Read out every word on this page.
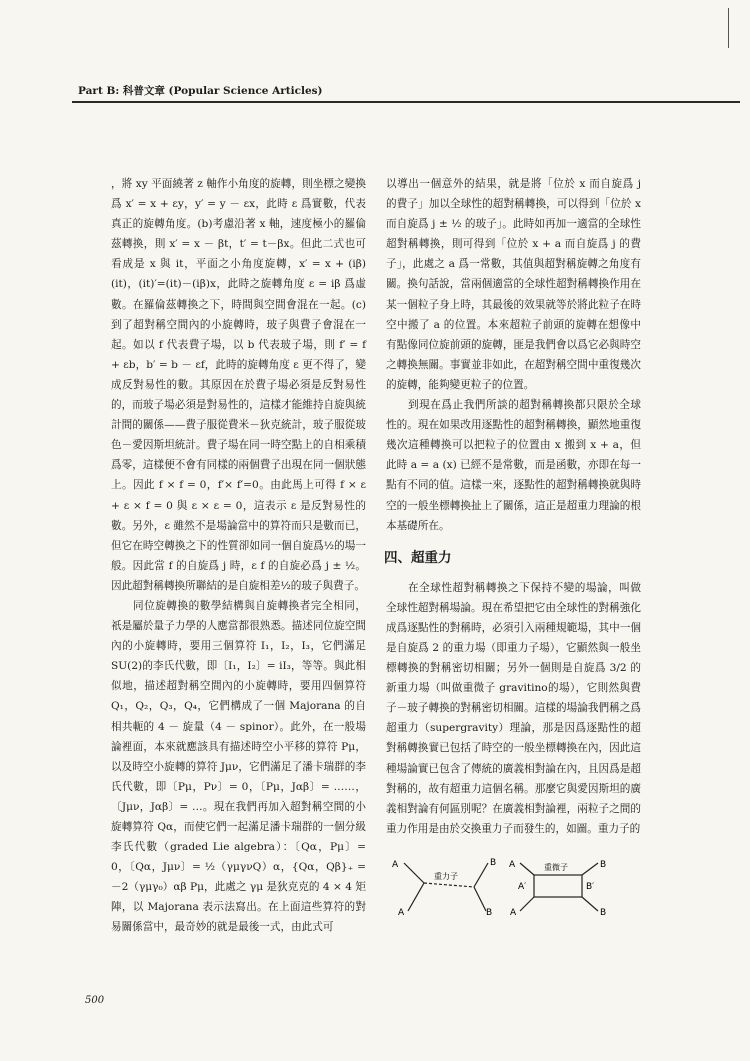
Part B: 科普文章 (Popular Science Articles)

，將 xy 平面繞著 z 軸作小角度的旋轉，則坐標之變換爲 x′ = x + εy，y′ = y － εx，此時 ε 爲實數，代表真正的旋轉角度。(b)考慮沿著 x 軸，速度極小的羅倫茲轉換，則 x′ = x － βt，t′ = t－βx。但此二式也可看成是 x 與 it，平面之小角度旋轉，x′ = x + (iβ)(it)，(it)′=(it)－(iβ)x，此時之旋轉角度 ε = iβ 爲虛數。在羅倫茲轉換之下，時間與空間會混在一起。(c)到了超對稱空間內的小旋轉時，玻子與費子會混在一起。如以 f 代表費子場，以 b 代表玻子場，則 f′ = f + εb，b′ = b － εf，此時的旋轉角度 ε 更不得了，變成反對易性的數。其原因在於費子場必須是反對易性的，而玻子場必須是對易性的，這樣才能維持自旋與統計間的關係——費子服從費米－狄克統計，玻子服從玻色－愛因斯坦統計。費子場在同一時空點上的自相乘積爲零，這樣便不會有同樣的兩個費子出現在同一個狀態上。因此 f × f = 0，f′× f′=0。由此馬上可得 f × ε + ε × f = 0 與 ε × ε = 0，這表示 ε 是反對易性的數。另外，ε 雖然不是場論當中的算符而只是數而已，但它在時空轉換之下的性質卻如同一個自旋爲½的場一般。因此當 f 的自旋爲 j 時，ε f 的自旋必爲 j ± ½。因此超對稱轉換所聯結的是自旋相差½的玻子與費子。

同位旋轉換的數學結構與自旋轉換者完全相同，祇是屬於量子力學的人應當都很熟悉。描述同位旋空間內的小旋轉時，要用三個算符 I₁，I₂，I₃，它們滿足 SU(2)的李氏代數，即〔I₁，I₂〕= iI₃，等等。與此相似地，描述超對稱空間內的小旋轉時，要用四個算符 Q₁，Q₂，Q₃，Q₄，它們構成了一個 Majorana 的自相共軛的 4 － 旋量（4 － spinor）。此外，在一般場論裡面，本來就應該具有描述時空小平移的算符 Pμ，以及時空小旋轉的算符 Jμν，它們滿足了潘卡瑞群的李氏代數，即〔Pμ，Pν〕= 0，〔Pμ，Jαβ〕= ……，〔Jμν，Jαβ〕= …。現在我們再加入超對稱空間的小旋轉算符 Qα，而使它們一起滿足潘卡瑞群的一個分級李氏代數（graded Lie algebra）：〔Qα，Pμ〕= 0，〔Qα，Jμν〕= ½（γμγνQ）α，{Qα，Qβ}₊ = －2（γμγ₀）αβ Pμ，此處之 γμ 是狄克克的 4 × 4 矩陣，以 Majorana 表示法寫出。在上面這些算符的對易關係當中，最奇妙的就是最後一式，由此式可

以導出一個意外的結果，就是將「位於 x 而自旋爲 j 的費子」加以全球性的超對稱轉換，可以得到「位於 x 而自旋爲 j ± ½ 的玻子」。此時如再加一適當的全球性超對稱轉換，則可得到「位於 x + a 而自旋爲 j 的費子」，此處之 a 爲一常數，其值與超對稱旋轉之角度有關。換句話說，當兩個適當的全球性超對稱轉換作用在某一個粒子身上時，其最後的效果就等於將此粒子在時空中搬了 a 的位置。本來超粒子前頭的旋轉在想像中有點像同位旋前頭的旋轉，匪是我們會以爲它必與時空之轉換無關。事實並非如此，在超對稱空間中重復幾次的旋轉，能夠變更粒子的位置。

到現在爲止我們所談的超對稱轉換都只限於全球性的。現在如果改用逐點性的超對稱轉換，顯然地重復幾次這種轉換可以把粒子的位置由 x 搬到 x + a，但此時 a = a (x) 已經不是常數，而是函數，亦即在每一點有不同的值。這樣一來，逐點性的超對稱轉換就與時空的一般坐標轉換扯上了關係，這正是超重力理論的根本基礎所在。

四、超重力

在全球性超對稱轉換之下保持不變的場論，叫做全球性超對稱場論。現在希望把它由全球性的對稱強化成爲逐點性的對稱時，必須引入兩種規範場，其中一個是自旋爲 2 的重力場（即重力子場），它顯然與一般坐標轉換的對稱密切相關；另外一個則是自旋爲 3/2 的新重力場（叫做重微子 gravitino的場），它則然與費子－玻子轉換的對稱密切相關。這樣的場論我們稱之爲超重力（supergravity）理論，那是因爲逐點性的超對稱轉換實已包括了時空的一般坐標轉換在內，因此這種場論實已包含了傳統的廣義相對論在內，且因爲是超對稱的，故有超重力這個名稱。那麼它與愛因斯坦的廣義相對論有何區別呢？在廣義相對論裡，兩粒子之間的重力作用是由於交換重力子而發生的，如圖。重力子的

A
A
B
B
重力子
A
A′
A
B
B′
B
重微子
500
